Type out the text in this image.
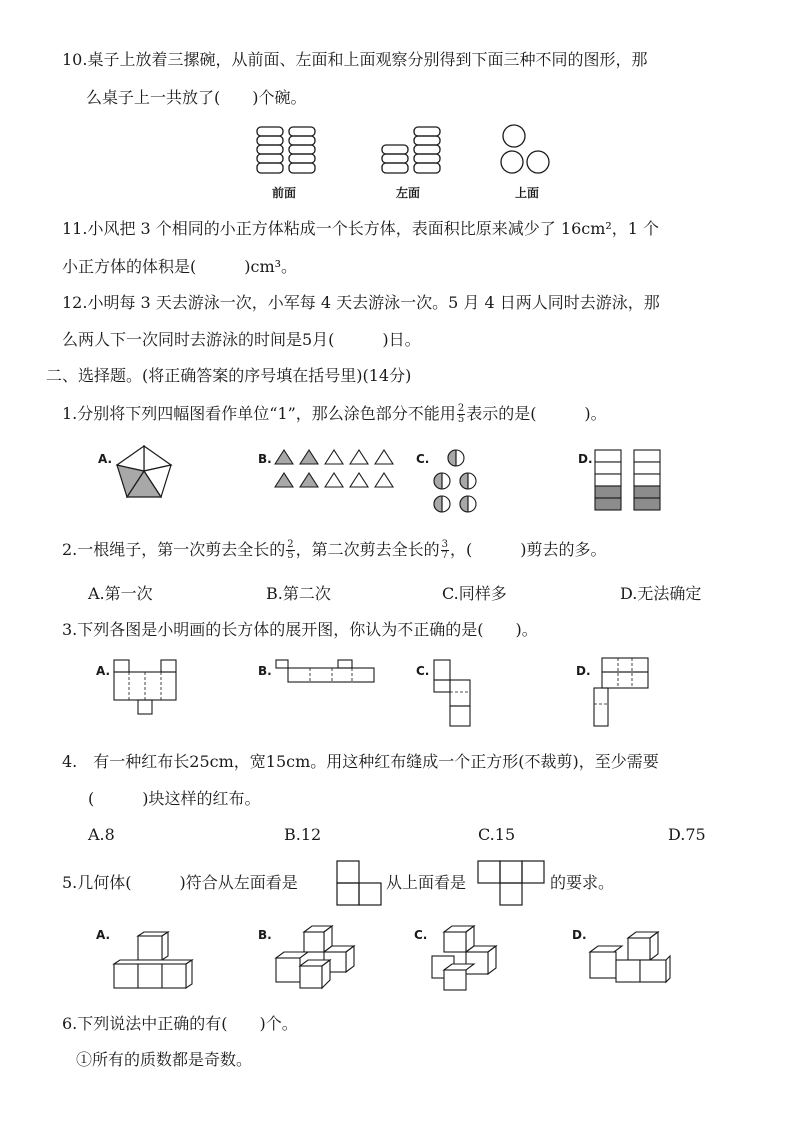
10.桌子上放着三摞碗，从前面、左面和上面观察分别得到下面三种不同的图形，那
么桌子上一共放了(　　)个碗。
前面	左面	上面
11.小风把 3 个相同的小正方体粘成一个长方体，表面积比原来减少了 16cm²，1 个
小正方体的体积是(　　　)cm³。
12.小明每 3 天去游泳一次，小军每 4 天去游泳一次。5 月 4 日两人同时去游泳，那
么两人下一次同时去游泳的时间是5月(　　　)日。
二、选择题。(将正确答案的序号填在括号里)(14分)
1.分别将下列四幅图看作单位“1”，那么涂色部分不能用 $\frac{2}{5}$ 表示的是(　　　)。
A.	B.	C.	D.
2.一根绳子，第一次剪去全长的 $\frac{2}{5}$ ，第二次剪去全长的 $\frac{3}{7}$ ，(　　　)剪去的多。
A.第一次	B.第二次	C.同样多	D.无法确定
3.下列各图是小明画的长方体的展开图，你认为不正确的是(　　)。
A.	B.	C.	D.
4.　有一种红布长25cm，宽15cm。用这种红布缝成一个正方形(不裁剪)，至少需要
(　　　)块这样的红布。
A.8	B.12	C.15	D.75
5.几何体(　　　)符合从左面看是	从上面看是	的要求。
A.	B.	C.	D.
6.下列说法中正确的有(　　)个。
①所有的质数都是奇数。
